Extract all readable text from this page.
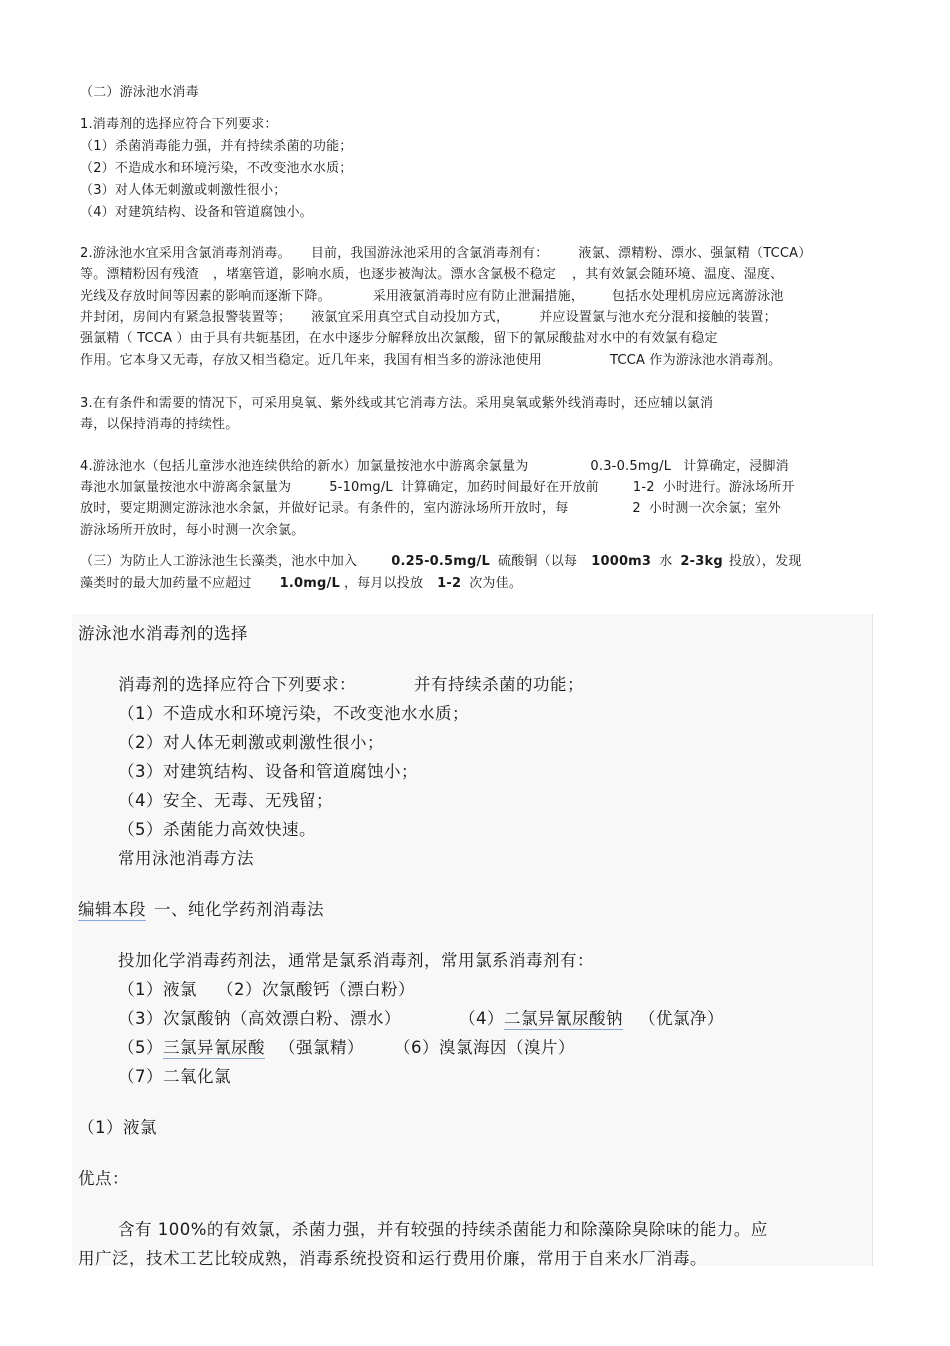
（二）游泳池水消毒
1.消毒剂的选择应符合下列要求：
（1）杀菌消毒能力强，并有持续杀菌的功能；
（2）不造成水和环境污染，不改变池水水质；
（3）对人体无刺激或刺激性很小；
（4）对建筑结构、设备和管道腐蚀小。
2.游泳池水宜采用含氯消毒剂消毒。 目前，我国游泳池采用的含氯消毒剂有： 液氯、漂精粉、漂水、强氯精（TCCA）
等。漂精粉因有残渣 ，堵塞管道，影响水质，也逐步被淘汰。漂水含氯极不稳定 ，其有效氯会随环境、温度、湿度、
光线及存放时间等因素的影响而逐渐下降。	采用液氯消毒时应有防止泄漏措施， 包括水处理机房应远离游泳池
并封闭，房间内有紧急报警装置等； 液氯宜采用真空式自动投加方式， 并应设置氯与池水充分混和接触的装置；
强氯精（ TCCA ）由于具有共轭基团，在水中逐步分解释放出次氯酸，留下的氰尿酸盐对水中的有效氯有稳定
作用。它本身又无毒，存放又相当稳定。近几年来，我国有相当多的游泳池使用	TCCA 作为游泳池水消毒剂。
3.在有条件和需要的情况下，可采用臭氧、紫外线或其它消毒方法。采用臭氧或紫外线消毒时，还应辅以氯消
毒，以保持消毒的持续性。
4.游泳池水（包括儿童涉水池连续供给的新水）加氯量按池水中游离余氯量为	0.3-0.5mg/L 计算确定，浸脚消
毒池水加氯量按池水中游离余氯量为	5-10mg/L 计算确定，加药时间最好在开放前	1-2 小时进行。游泳场所开
放时，要定期测定游泳池水余氯，并做好记录。有条件的，室内游泳场所开放时，每	2 小时测一次余氯；室外
游泳场所开放时，每小时测一次余氯。
（三）为防止人工游泳池生长藻类，池水中加入	0.25-0.5mg/L 硫酸铜（以每 1000m3 水 2-3kg 投放），发现
藻类时的最大加药量不应超过 1.0mg/L ，每月以投放 1-2 次为佳。
游泳池水消毒剂的选择
消毒剂的选择应符合下列要求：	并有持续杀菌的功能；
（1）不造成水和环境污染，不改变池水水质；
（2）对人体无刺激或刺激性很小；
（3）对建筑结构、设备和管道腐蚀小；
（4）安全、无毒、无残留；
（5）杀菌能力高效快速。
常用泳池消毒方法
编辑本段 一、纯化学药剂消毒法
投加化学消毒药剂法，通常是氯系消毒剂，常用氯系消毒剂有：
（1）液氯 （2）次氯酸钙（漂白粉）
（3）次氯酸钠（高效漂白粉、漂水）	（4）二氯异氰尿酸钠 （优氯净）
（5）三氯异氰尿酸 （强氯精） （6）溴氯海因（溴片）
（7）二氧化氯
（1）液氯
优点：
含有 100%的有效氯，杀菌力强，并有较强的持续杀菌能力和除藻除臭除味的能力。应
用广泛，技术工艺比较成熟，消毒系统投资和运行费用价廉，常用于自来水厂消毒。
